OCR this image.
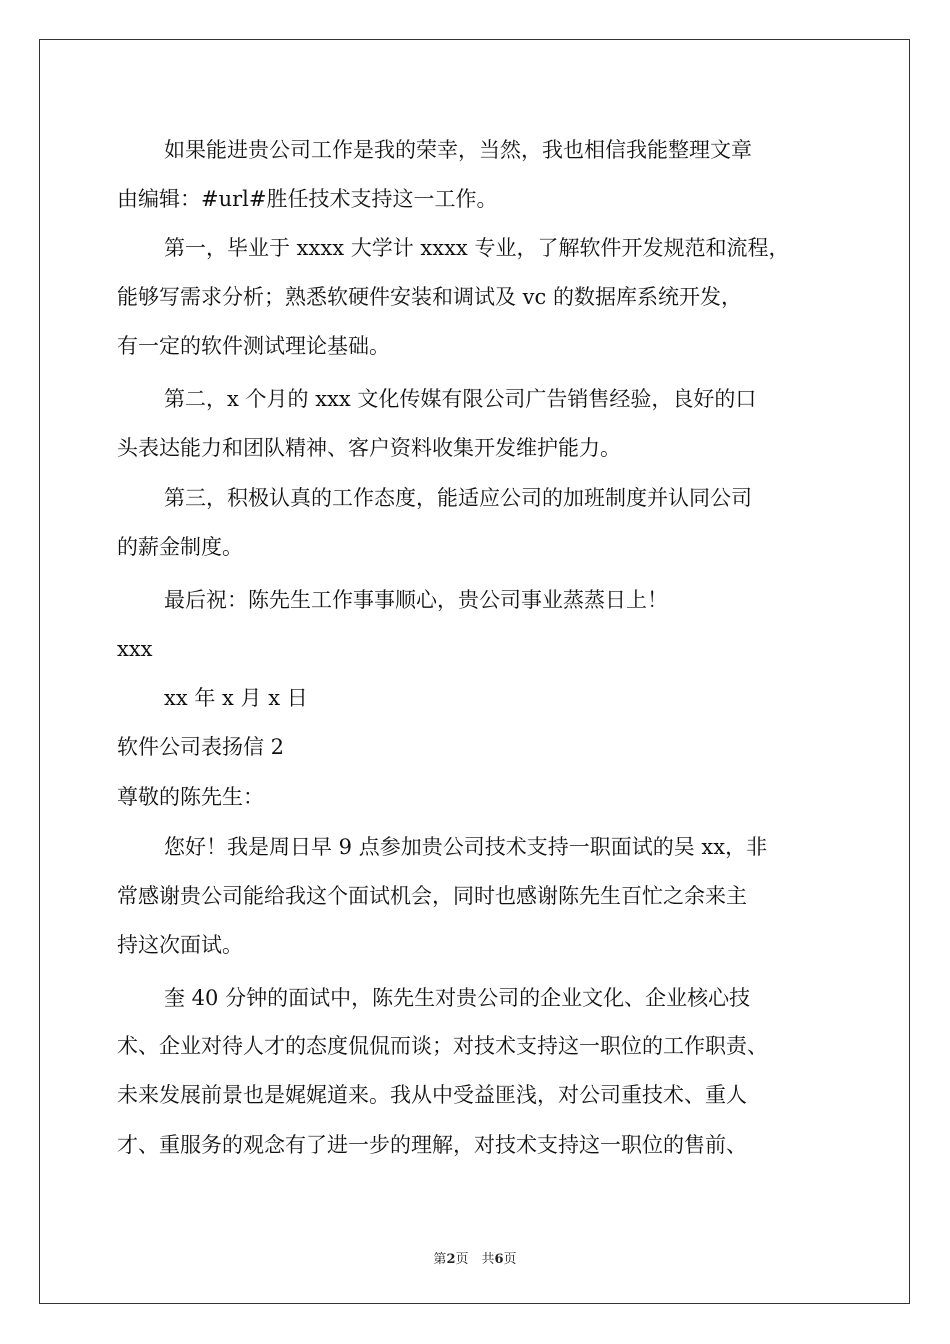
如果能进贵公司工作是我的荣幸，当然，我也相信我能整理文章
由编辑：#url#胜任技术支持这一工作。
第一，毕业于 xxxx 大学计 xxxx 专业，了解软件开发规范和流程，
能够写需求分析；熟悉软硬件安装和调试及 vc 的数据库系统开发，
有一定的软件测试理论基础。
第二，x 个月的 xxx 文化传媒有限公司广告销售经验，良好的口
头表达能力和团队精神、客户资料收集开发维护能力。
第三，积极认真的工作态度，能适应公司的加班制度并认同公司
的薪金制度。
最后祝：陈先生工作事事顺心，贵公司事业蒸蒸日上！
xxx
xx 年 x 月 x 日
软件公司表扬信 2
尊敬的陈先生：
您好！我是周日早 9 点参加贵公司技术支持一职面试的吴 xx，非
常感谢贵公司能给我这个面试机会，同时也感谢陈先生百忙之余来主
持这次面试。
奎 40 分钟的面试中，陈先生对贵公司的企业文化、企业核心技
术、企业对待人才的态度侃侃而谈；对技术支持这一职位的工作职责、
未来发展前景也是娓娓道来。我从中受益匪浅，对公司重技术、重人
才、重服务的观念有了进一步的理解，对技术支持这一职位的售前、
第2页　共6页
